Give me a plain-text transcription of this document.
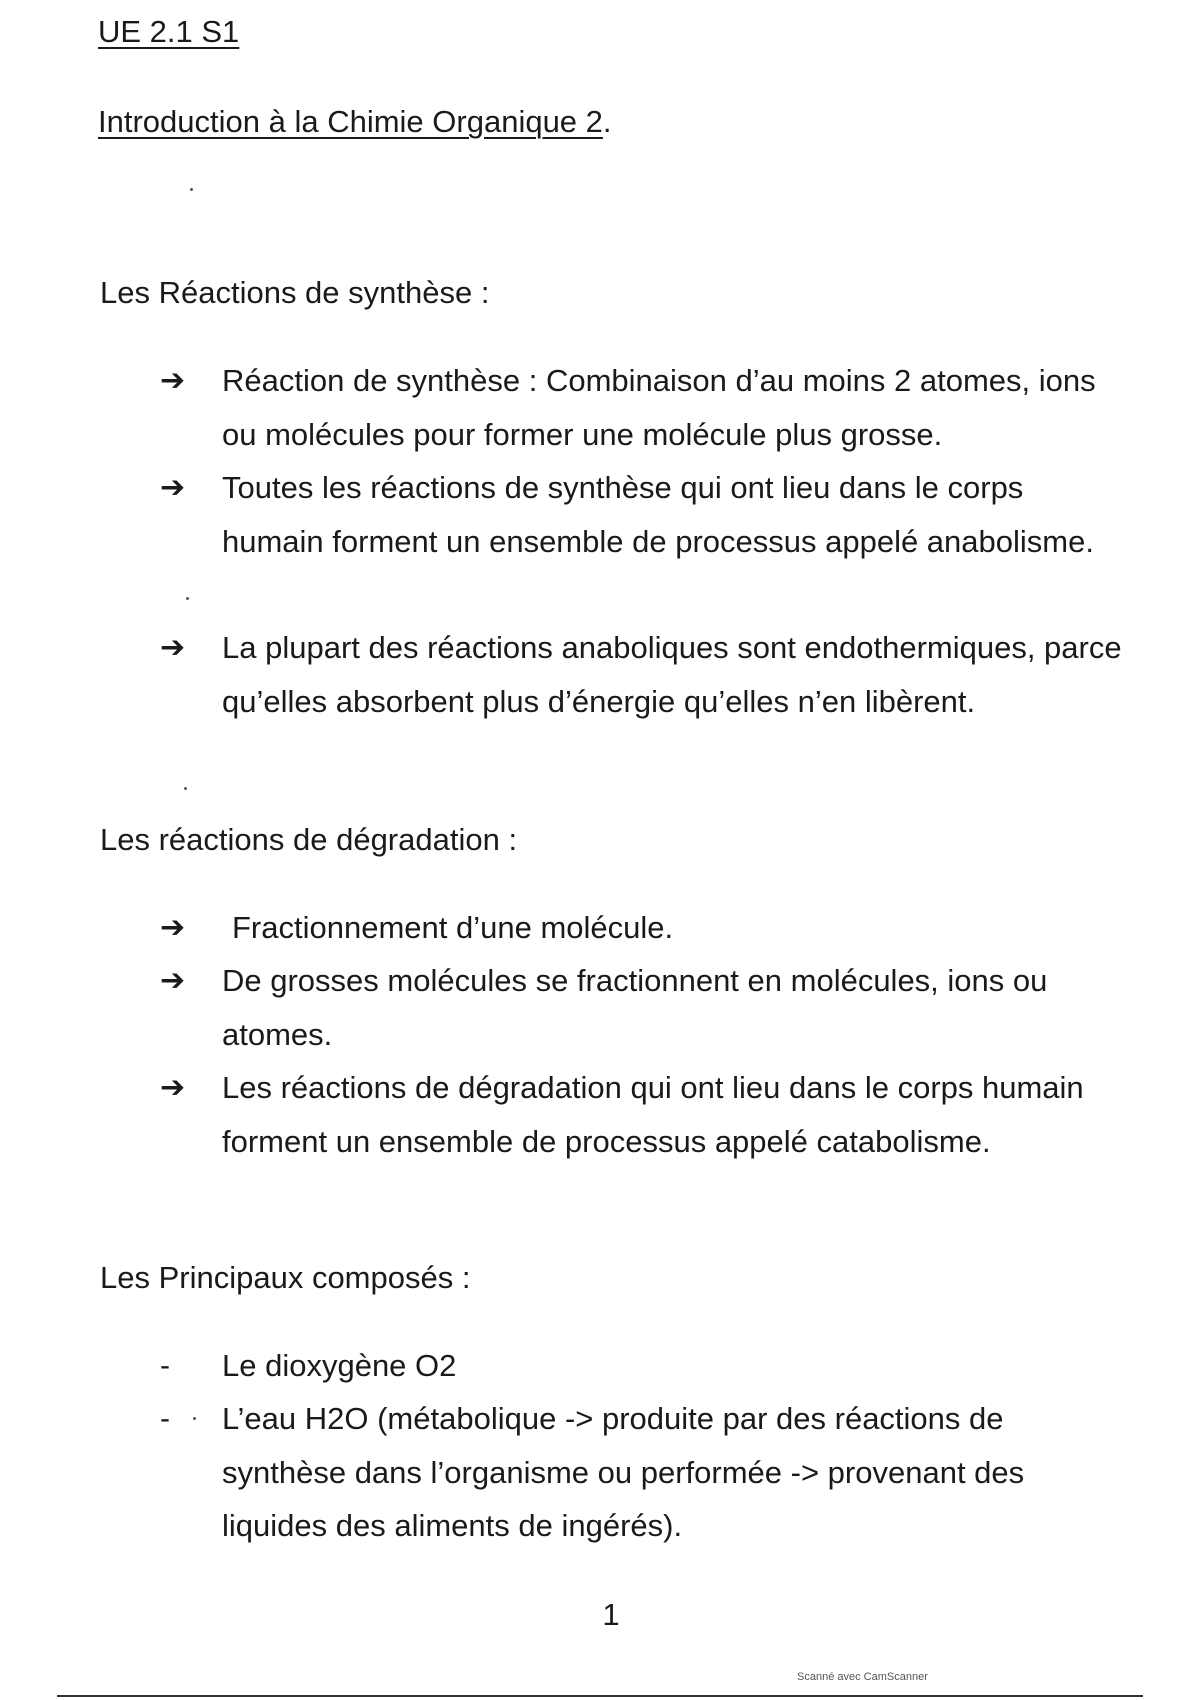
UE 2.1 S1
Introduction à la Chimie Organique 2.
Les Réactions de synthèse :
➔	Réaction de synthèse : Combinaison d’au moins 2 atomes, ions ou molécules pour former une molécule plus grosse.
➔	Toutes les réactions de synthèse qui ont lieu dans le corps humain forment un ensemble de processus appelé anabolisme.
➔	La plupart des réactions anaboliques sont endothermiques, parce qu’elles absorbent plus d’énergie qu’elles n’en libèrent.
Les réactions de dégradation :
➔	Fractionnement d’une molécule.
➔	De grosses molécules se fractionnent en molécules, ions ou atomes.
➔	Les réactions de dégradation qui ont lieu dans le corps humain forment un ensemble de processus appelé catabolisme.
Les Principaux composés :
-	Le dioxygène O2
-	L’eau H2O (métabolique -> produite par des réactions de synthèse dans l’organisme ou performée -> provenant des liquides des aliments de ingérés).
1
Scanné avec CamScanner
